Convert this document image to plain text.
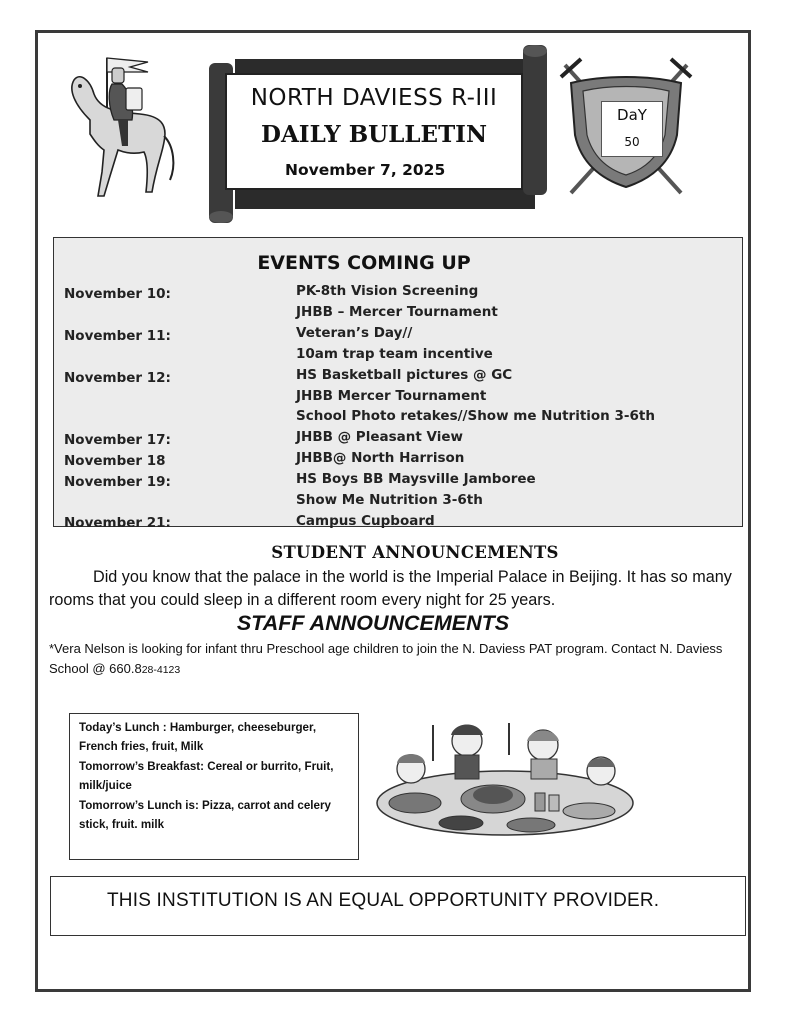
NORTH DAVIESS R-III
DAILY BULLETIN
November 7, 2025
DaY
50
EVENTS COMING UP
November 10:
November 11:
November 12:
November 17:
November 18
November 19:
November 21:
PK-8th Vision Screening
JHBB – Mercer Tournament
Veteran’s Day//
10am trap team incentive
HS Basketball pictures @ GC
JHBB Mercer Tournament
School Photo retakes//Show me Nutrition 3-6th
JHBB @ Pleasant View
JHBB@ North Harrison
HS Boys BB Maysville Jamboree
Show Me Nutrition 3-6th
Campus Cupboard
STUDENT ANNOUNCEMENTS
Did you know that the palace in the world is the Imperial Palace in Beijing. It has so many rooms that you could sleep in a different room every night for 25 years.
STAFF ANNOUNCEMENTS
*Vera Nelson is looking for infant thru Preschool age children to join the N. Daviess PAT program. Contact N. Daviess School @ 660.828-4123
Today’s Lunch : Hamburger, cheeseburger,
French fries, fruit, Milk
Tomorrow’s Breakfast: Cereal or burrito, Fruit,
milk/juice
Tomorrow’s Lunch is: Pizza, carrot and celery
stick, fruit. milk
THIS INSTITUTION IS AN EQUAL OPPORTUNITY PROVIDER.
